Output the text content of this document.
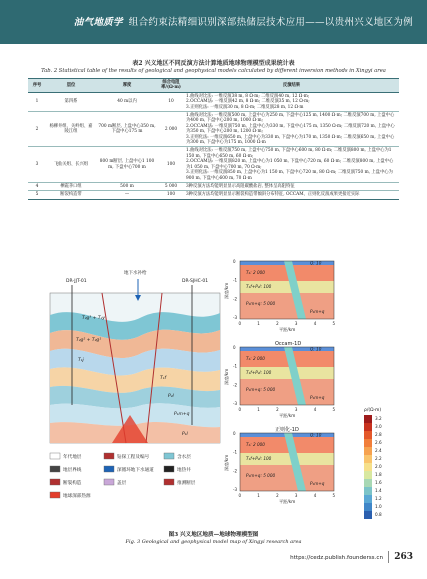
油气地质学 组合约束法精细识别深部热储层技术应用——以贵州兴义地区为例
表2 兴义地区不同反演方法计算地质地球物理模型成果统计表
Tab. 2 Statistical table of the results of geological and geophysical models calculated by different inversion methods in Xingyi area
序号	层位	厚度	综合电阻率/(Ω·m)	反演结果
1	第四系	40 m以内	10	1.曲线对比法: 一维反演38 m, 8 Ω·m; 二维反演40 m, 12 Ω·m;
2.OCCAM法: 一维反演42 m, 8 Ω·m; 二维反演35 m, 12 Ω·m;
3.正则化法: 一维反演30 m, 8 Ω·m; 二维反演28 m, 12 Ω·m

2	杨柳井组、关岭组、嘉陵江组	700 m断层, 上盘中心350 m, 下盘中心175 m	2 000	1.曲线对比法: 一维反演500 m, 上盘中心为250 m, 下盘中心125 m, 1400 Ω·m; 二维反演700 m, 上盘中心为400 m, 下盘中心200 m, 1000 Ω·m;
2.OCCAM法: 一维反演750 m, 上盘中心为330 m, 下盘中心175 m, 1350 Ω·m; 二维反演720 m, 上盘中心为350 m, 下盘中心200 m, 1200 Ω·m;
3.正则化法: 一维反演650 m, 上盘中心为330 m, 下盘中心为170 m, 1350 Ω·m; 二维反演650 m, 上盘中心为300 m, 下盘中心为175 m, 1000 Ω·m

3	飞仙关组、长兴组	800 m断层, 上盘中心1 100 m, 下盘中心700 m	100	1.曲线对比法: 一维反演750 m, 上盘中心750 m, 下盘中心600 m, 80 Ω·m; 二维反演800 m, 上盘中心为1 150 m, 下盘中心650 m, 60 Ω·m;
2.OCCAM法: 一维反演820 m, 上盘中心为1 050 m, 下盘中心720 m, 60 Ω·m; 二维反演800 m, 上盘中心为1 050 m, 下盘中心700 m, 70 Ω·m;
3.正则化法: 一维反演850 m, 上盘中心为1 150 m, 下盘中心720 m, 80 Ω·m; 二维反演750 m, 上盘中心为900 m, 下盘中心600 m, 70 Ω·m

4	栖霞茅口组	500 m	5 000	3种反演方法均能明显显示高阻碳酸盐岩, 整体呈高阻特征

5	断裂构造带	—	100	3种反演方法均能明显显示断裂构造带倾斜分布特征, OCCAM、正则化反演成果更接近实际
DR-JJT-01	DR-SJHC-01
地下水补给
T₂g³ + T₂y
T₂g² + T₂g¹
T₁j
T₁f
P₂l
P₁m+q
P₁l
年代地层	钻探工程及编号	含水层
地层界线	深循环地下水通道	地热井
断裂构造	盖层	推测断层
地球深部热源
Q: 10
T₂: 2 000
T₁f+P₂l: 100
P₁m+q: 5 000
P₁m+q
0	1	2	3	4	5
平距/km
0
-1
-2
-3
深度/km
Occam-1D
Q: 10
T₂: 2 000
T₁f+P₂l: 100
P₁m+q: 5 000
P₁m+q
0	1	2	3	4	5
平距/km
0
-1
-2
-3
深度/km
正则化-1D
Q: 10
T₂: 2 000
T₁f+P₂l: 100
P₁m+q: 5 000
P₁m+q
0	1	2	3	4	5
平距/km
0
-1
-2
-3
深度/km
ρ/(Ω·m)
3.2
3.0
2.8
2.6
2.4
2.2
2.0
1.8
1.6
1.4
1.2
1.0
0.8
图3 兴义地区地质—地球物理模型图
Fig. 3 Geological and geophysical model map of Xingyi research area
https://cedz.publish.founderss.cn 263
